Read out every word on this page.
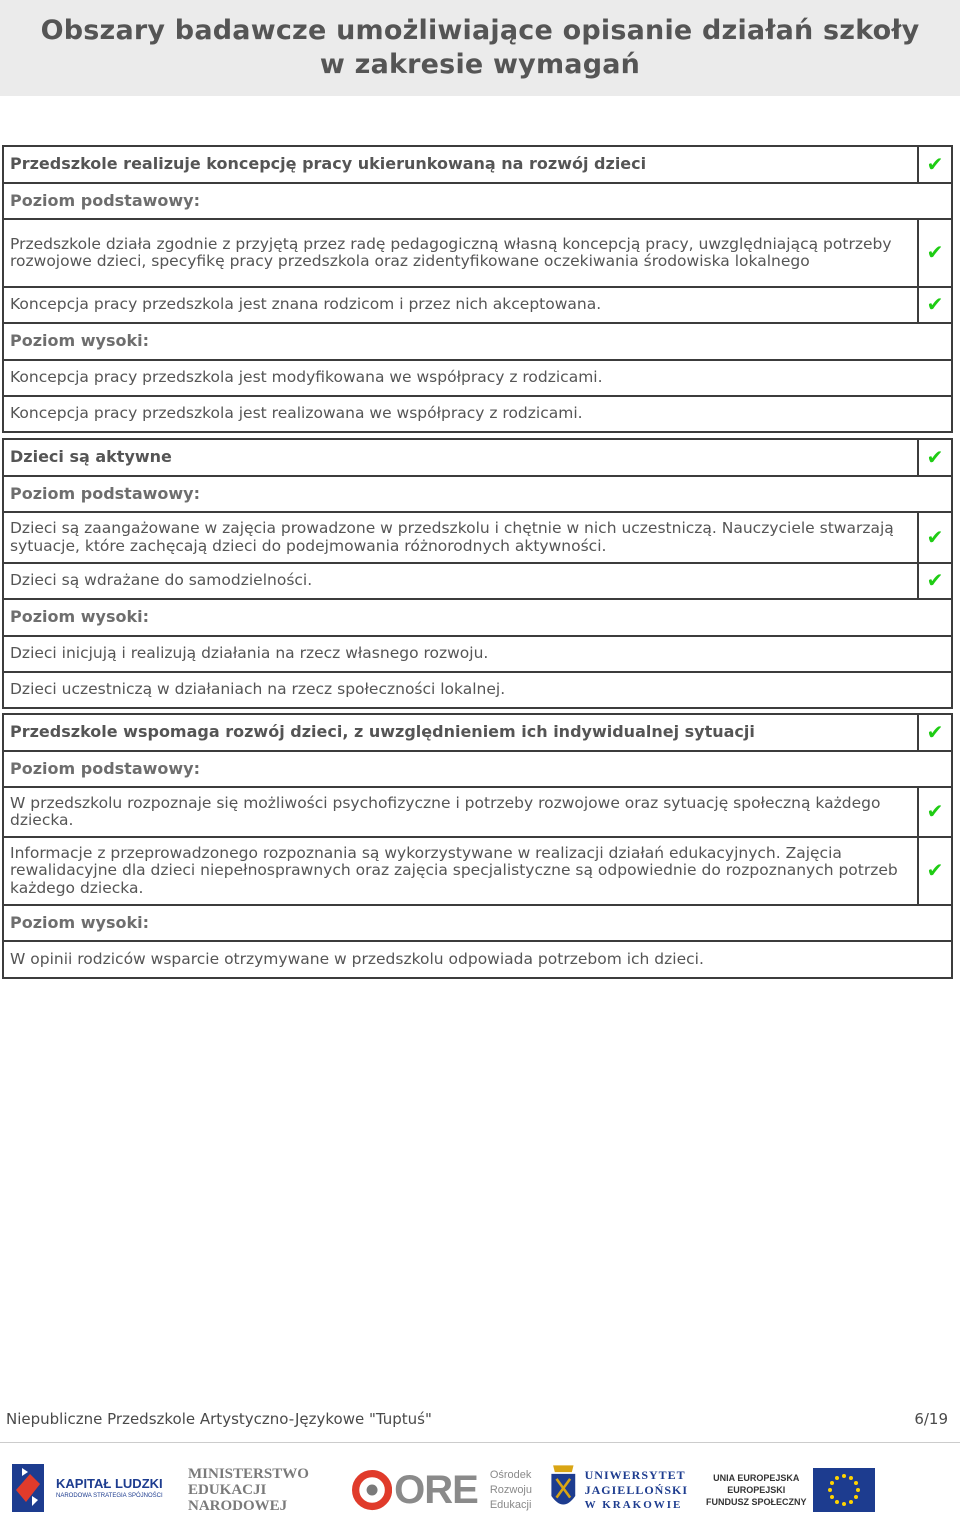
Obszary badawcze umożliwiające opisanie działań szkoły
w zakresie wymagań
Przedszkole realizuje koncepcję pracy ukierunkowaną na rozwój dzieci	✔
Poziom podstawowy:	
Przedszkole działa zgodnie z przyjętą przez radę pedagogiczną własną koncepcją pracy, uwzględniającą potrzeby rozwojowe dzieci, specyfikę pracy przedszkola oraz zidentyfikowane oczekiwania środowiska lokalnego	✔
Koncepcja pracy przedszkola jest znana rodzicom i przez nich akceptowana.	✔
Poziom wysoki:	
Koncepcja pracy przedszkola jest modyfikowana we współpracy z rodzicami.	
Koncepcja pracy przedszkola jest realizowana we współpracy z rodzicami.	
Dzieci są aktywne	✔
Poziom podstawowy:	
Dzieci są zaangażowane w zajęcia prowadzone w przedszkolu i chętnie w nich uczestniczą. Nauczyciele stwarzają sytuacje, które zachęcają dzieci do podejmowania różnorodnych aktywności.	✔
Dzieci są wdrażane do samodzielności.	✔
Poziom wysoki:	
Dzieci inicjują i realizują działania na rzecz własnego rozwoju.	
Dzieci uczestniczą w działaniach na rzecz społeczności lokalnej.	
Przedszkole wspomaga rozwój dzieci, z uwzględnieniem ich indywidualnej sytuacji	✔
Poziom podstawowy:	
W przedszkolu rozpoznaje się możliwości psychofizyczne i potrzeby rozwojowe oraz sytuację społeczną każdego dziecka.	✔
Informacje z przeprowadzonego rozpoznania są wykorzystywane w realizacji działań edukacyjnych. Zajęcia rewalidacyjne dla dzieci niepełnosprawnych oraz zajęcia specjalistyczne są odpowiednie do rozpoznanych potrzeb każdego dziecka.	✔
Poziom wysoki:	
W opinii rodziców wsparcie otrzymywane w przedszkolu odpowiada potrzebom ich dzieci.	
Niepubliczne Przedszkole Artystyczno-Językowe "Tuptuś"	6/19
KAPITAŁ LUDZKI
NARODOWA STRATEGIA SPÓJNOŚCI
MINISTERSTWO
EDUKACJI
NARODOWEJ	ORE Ośrodek
Rozwoju
Edukacji
UNIWERSYTET
JAGIELLOŃSKI
W KRAKOWIE
UNIA EUROPEJSKA
EUROPEJSKI
FUNDUSZ SPOŁECZNY
